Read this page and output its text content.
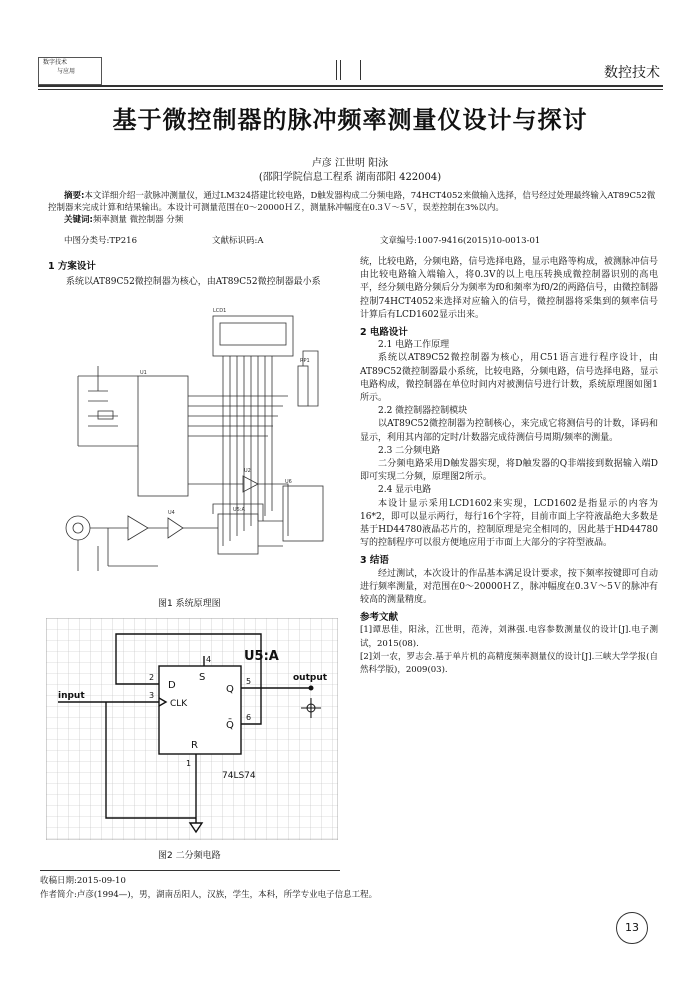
数字技术
与应用	数控技术
基于微控制器的脉冲频率测量仪设计与探讨
卢彦 江世明 阳泳
(邵阳学院信息工程系 湖南邵阳 422004)
摘要:本文详细介绍一款脉冲测量仪，通过LM324搭建比较电路，D触发器构成二分频电路，74HCT4052来做输入选择，信号经过处理最终输入AT89C52微控制器来完成计算和结果输出。本设计可测量范围在0～20000ＨＺ，测量脉冲幅度在0.3Ｖ～5Ｖ，误差控制在3%以内。
关键词:频率测量 微控制器 分频
中图分类号:TP216	文献标识码:A	文章编号:1007-9416(2015)10-0013-01
1 方案设计
系统以AT89C52微控制器为核心，由AT89C52微控制器最小系
LCD1
U1
U2
U6
U5:A
RP1
U4
图1 系统原理图
U5:A
74LS74
input
output
D
CLK
Q
Q̄
S
R
2
3
4
5
6
1
图2 二分频电路
统，比较电路，分频电路，信号选择电路，显示电路等构成，被测脉冲信号由比较电路输入端输入，将0.3V的以上电压转换成微控制器识别的高电平，经分频电路分频后分为频率为f0和频率为f0/2的两路信号，由微控制器控制74HCT4052来选择对应输入的信号，微控制器将采集到的频率信号计算后有LCD1602显示出来。
2 电路设计
2.1 电路工作原理
系统以AT89C52微控制器为核心，用C51语言进行程序设计，由AT89C52微控制器最小系统，比较电路，分频电路，信号选择电路，显示电路构成，微控制器在单位时间内对被测信号进行计数，系统原理图如图1所示。
2.2 微控制器控制模块
以AT89C52微控制器为控制核心，来完成它将测信号的计数，译码和显示，利用其内部的定时/计数器完成待测信号周期/频率的测量。
2.3 二分频电路
二分频电路采用D触发器实现，将D触发器的Q非端接到数据输入端D即可实现二分频，原理图2所示。
2.4 显示电路
本设计显示采用LCD1602来实现，LCD1602是指显示的内容为16*2，即可以显示两行，每行16个字符，目前市面上字符液晶绝大多数是基于HD44780液晶芯片的，控制原理是完全相同的，因此基于HD44780写的控制程序可以很方便地应用于市面上大部分的字符型液晶。
3 结语
经过测试，本次设计的作品基本满足设计要求，按下频率按键即可自动进行频率测量，对范围在0～20000ＨＺ，脉冲幅度在0.3Ｖ～5Ｖ的脉冲有较高的测量精度。
参考文献
[1]谭思佳，阳泳，江世明，范涛，刘淋强.电容参数测量仪的设计[J].电子测试，2015(08).
[2]刘一农，罗志会.基于单片机的高精度频率测量仪的设计[J].三峡大学学报(自然科学版)，2009(03).
收稿日期:2015-09-10
作者简介:卢彦(1994—)，男，湖南岳阳人，汉族，学生，本科，所学专业电子信息工程。
13
